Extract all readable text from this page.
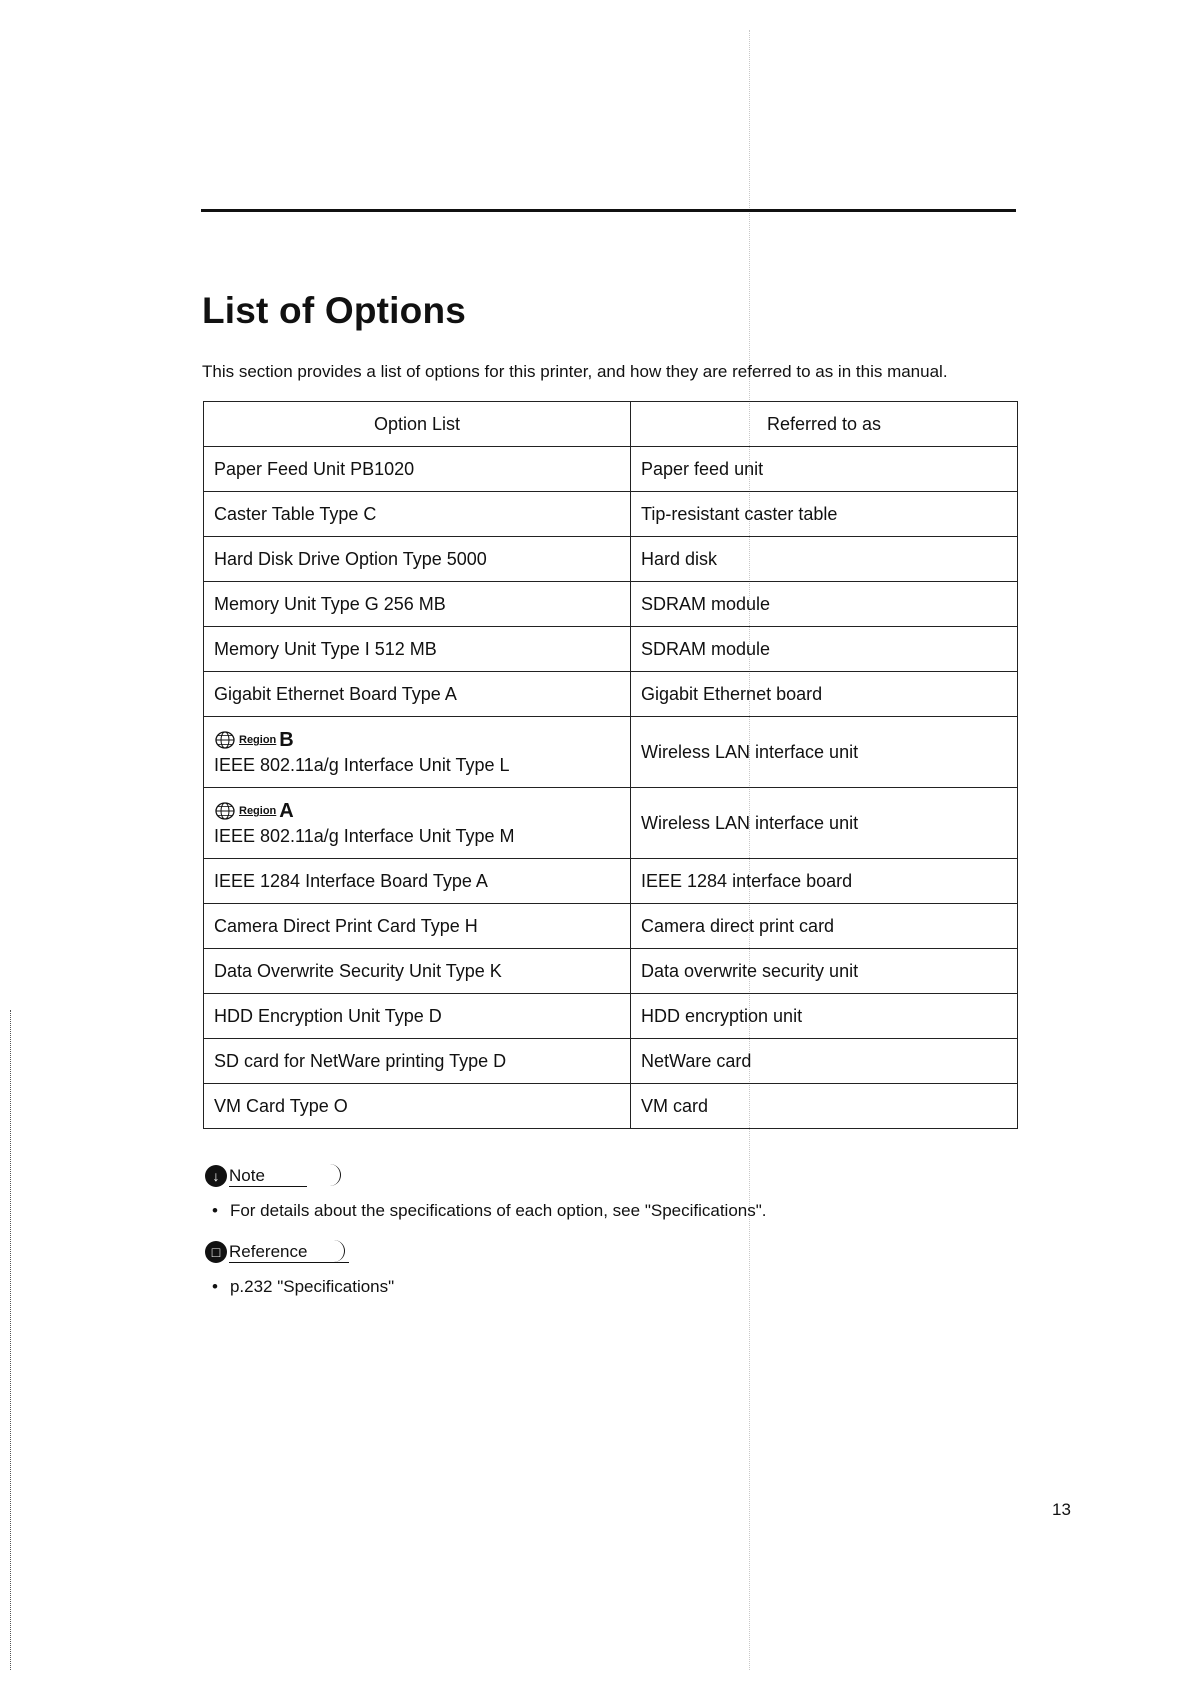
List of Options

This section provides a list of options for this printer, and how they are referred to as in this manual.

Option List	Referred to as
Paper Feed Unit PB1020	Paper feed unit
Caster Table Type C	Tip-resistant caster table
Hard Disk Drive Option Type 5000	Hard disk
Memory Unit Type G 256 MB	SDRAM module
Memory Unit Type I 512 MB	SDRAM module
Gigabit Ethernet Board Type A	Gigabit Ethernet board

Region B
IEEE 802.11a/g Interface Unit Type L	Wireless LAN interface unit

Region A
IEEE 802.11a/g Interface Unit Type M	Wireless LAN interface unit
IEEE 1284 Interface Board Type A	IEEE 1284 interface board
Camera Direct Print Card Type H	Camera direct print card
Data Overwrite Security Unit Type K	Data overwrite security unit
HDD Encryption Unit Type D	HDD encryption unit
SD card for NetWare printing Type D	NetWare card
VM Card Type O	VM card
↓ Note
• For details about the specifications of each option, see "Specifications".
□ Reference
• p.232 "Specifications"
13
